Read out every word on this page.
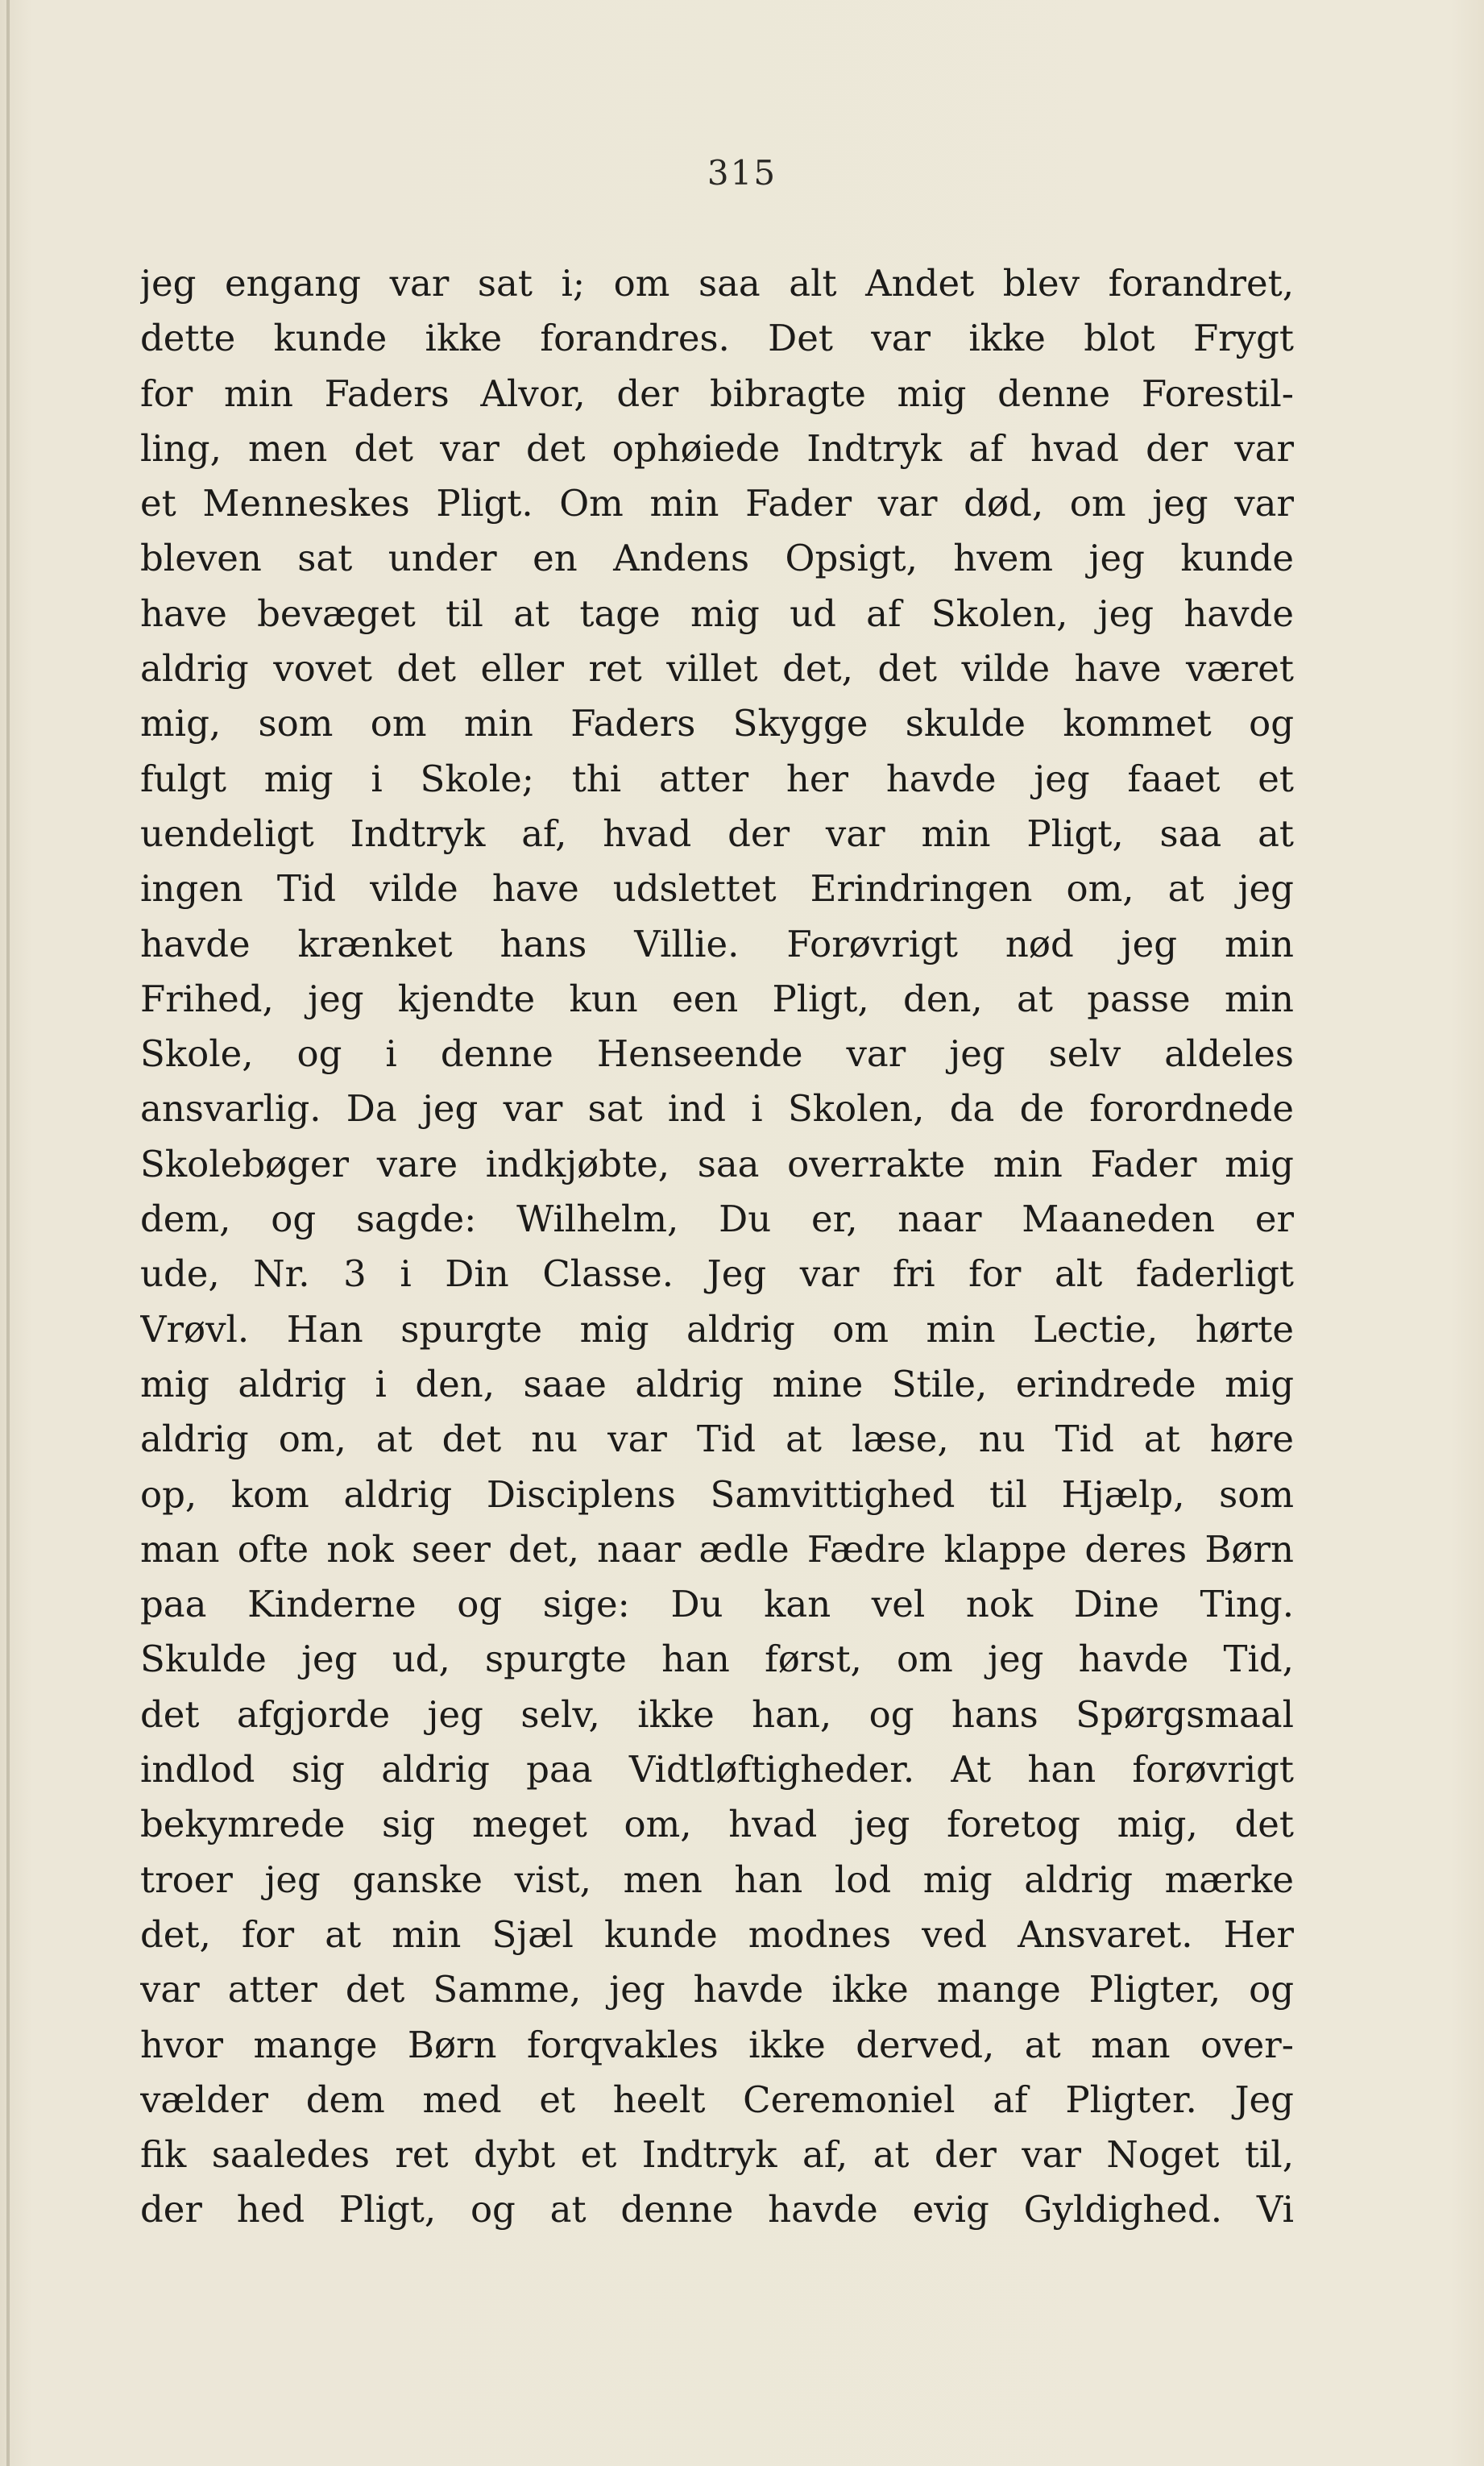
315
jeg engang var sat i; om saa alt Andet blev forandret,
dette kunde ikke forandres. Det var ikke blot Frygt
for min Faders Alvor, der bibragte mig denne Forestil-
ling, men det var det ophøiede Indtryk af hvad der var
et Menneskes Pligt. Om min Fader var død, om jeg var
bleven sat under en Andens Opsigt, hvem jeg kunde
have bevæget til at tage mig ud af Skolen, jeg havde
aldrig vovet det eller ret villet det, det vilde have været
mig, som om min Faders Skygge skulde kommet og
fulgt mig i Skole; thi atter her havde jeg faaet et
uendeligt Indtryk af, hvad der var min Pligt, saa at
ingen Tid vilde have udslettet Erindringen om, at jeg
havde krænket hans Villie. Forøvrigt nød jeg min
Frihed, jeg kjendte kun een Pligt, den, at passe min
Skole, og i denne Henseende var jeg selv aldeles
ansvarlig. Da jeg var sat ind i Skolen, da de forordnede
Skolebøger vare indkjøbte, saa overrakte min Fader mig
dem, og sagde: Wilhelm, Du er, naar Maaneden er
ude, Nr. 3 i Din Classe. Jeg var fri for alt faderligt
Vrøvl. Han spurgte mig aldrig om min Lectie, hørte
mig aldrig i den, saae aldrig mine Stile, erindrede mig
aldrig om, at det nu var Tid at læse, nu Tid at høre
op, kom aldrig Disciplens Samvittighed til Hjælp, som
man ofte nok seer det, naar ædle Fædre klappe deres Børn
paa Kinderne og sige: Du kan vel nok Dine Ting.
Skulde jeg ud, spurgte han først, om jeg havde Tid,
det afgjorde jeg selv, ikke han, og hans Spørgsmaal
indlod sig aldrig paa Vidtløftigheder. At han forøvrigt
bekymrede sig meget om, hvad jeg foretog mig, det
troer jeg ganske vist, men han lod mig aldrig mærke
det, for at min Sjæl kunde modnes ved Ansvaret. Her
var atter det Samme, jeg havde ikke mange Pligter, og
hvor mange Børn forqvakles ikke derved, at man over-
vælder dem med et heelt Ceremoniel af Pligter. Jeg
fik saaledes ret dybt et Indtryk af, at der var Noget til,
der hed Pligt, og at denne havde evig Gyldighed. Vi
